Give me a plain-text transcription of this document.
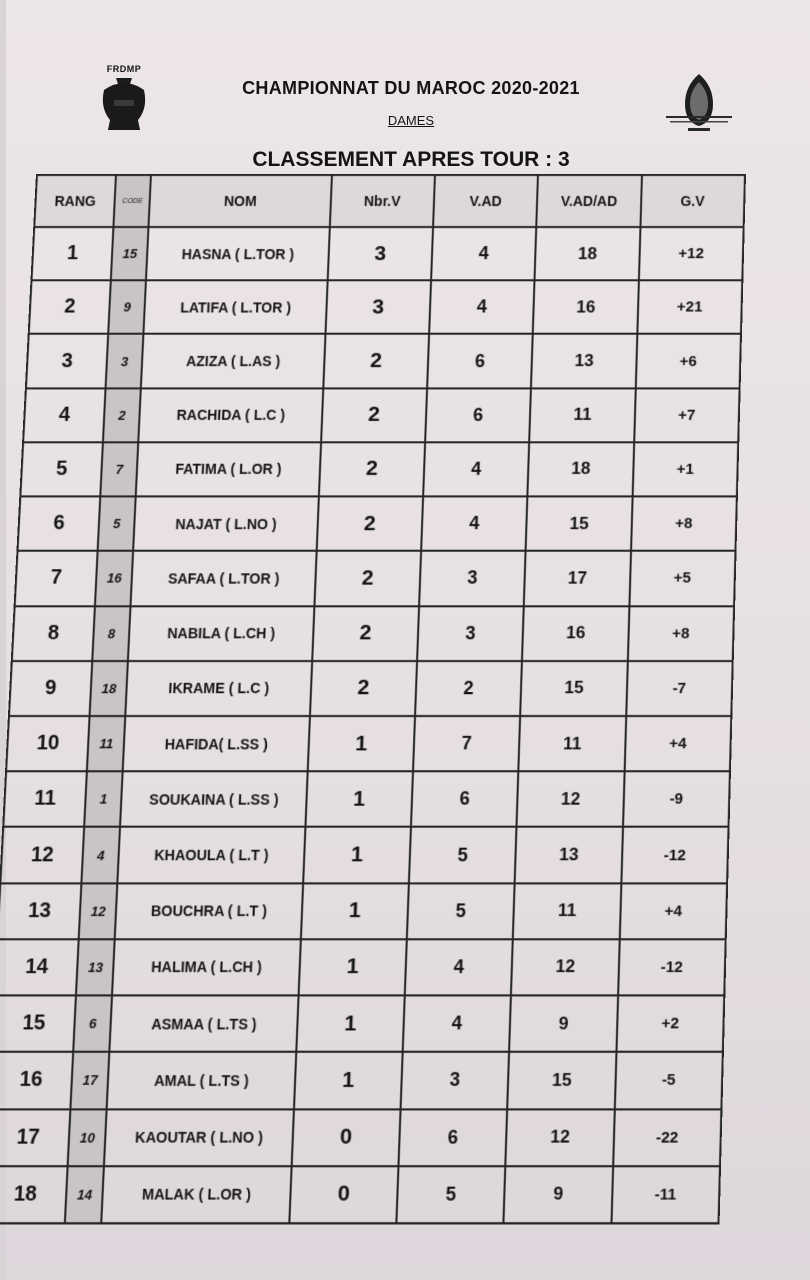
FRDMP
CHAMPIONNAT DU MAROC 2020-2021
DAMES
CLASSEMENT APRES TOUR : 3
RANG	CODE	NOM	Nbr.V	V.AD	V.AD/AD	G.V
1	15	HASNA ( L.TOR )	3	4	18	+12
2	9	LATIFA ( L.TOR )	3	4	16	+21
3	3	AZIZA ( L.AS )	2	6	13	+6
4	2	RACHIDA ( L.C )	2	6	11	+7
5	7	FATIMA ( L.OR )	2	4	18	+1
6	5	NAJAT ( L.NO )	2	4	15	+8
7	16	SAFAA ( L.TOR )	2	3	17	+5
8	8	NABILA ( L.CH )	2	3	16	+8
9	18	IKRAME ( L.C )	2	2	15	-7
10	11	HAFIDA( L.SS )	1	7	11	+4
11	1	SOUKAINA ( L.SS )	1	6	12	-9
12	4	KHAOULA ( L.T )	1	5	13	-12
13	12	BOUCHRA ( L.T )	1	5	11	+4
14	13	HALIMA ( L.CH )	1	4	12	-12
15	6	ASMAA ( L.TS )	1	4	9	+2
16	17	AMAL ( L.TS )	1	3	15	-5
17	10	KAOUTAR ( L.NO )	0	6	12	-22
18	14	MALAK ( L.OR )	0	5	9	-11
